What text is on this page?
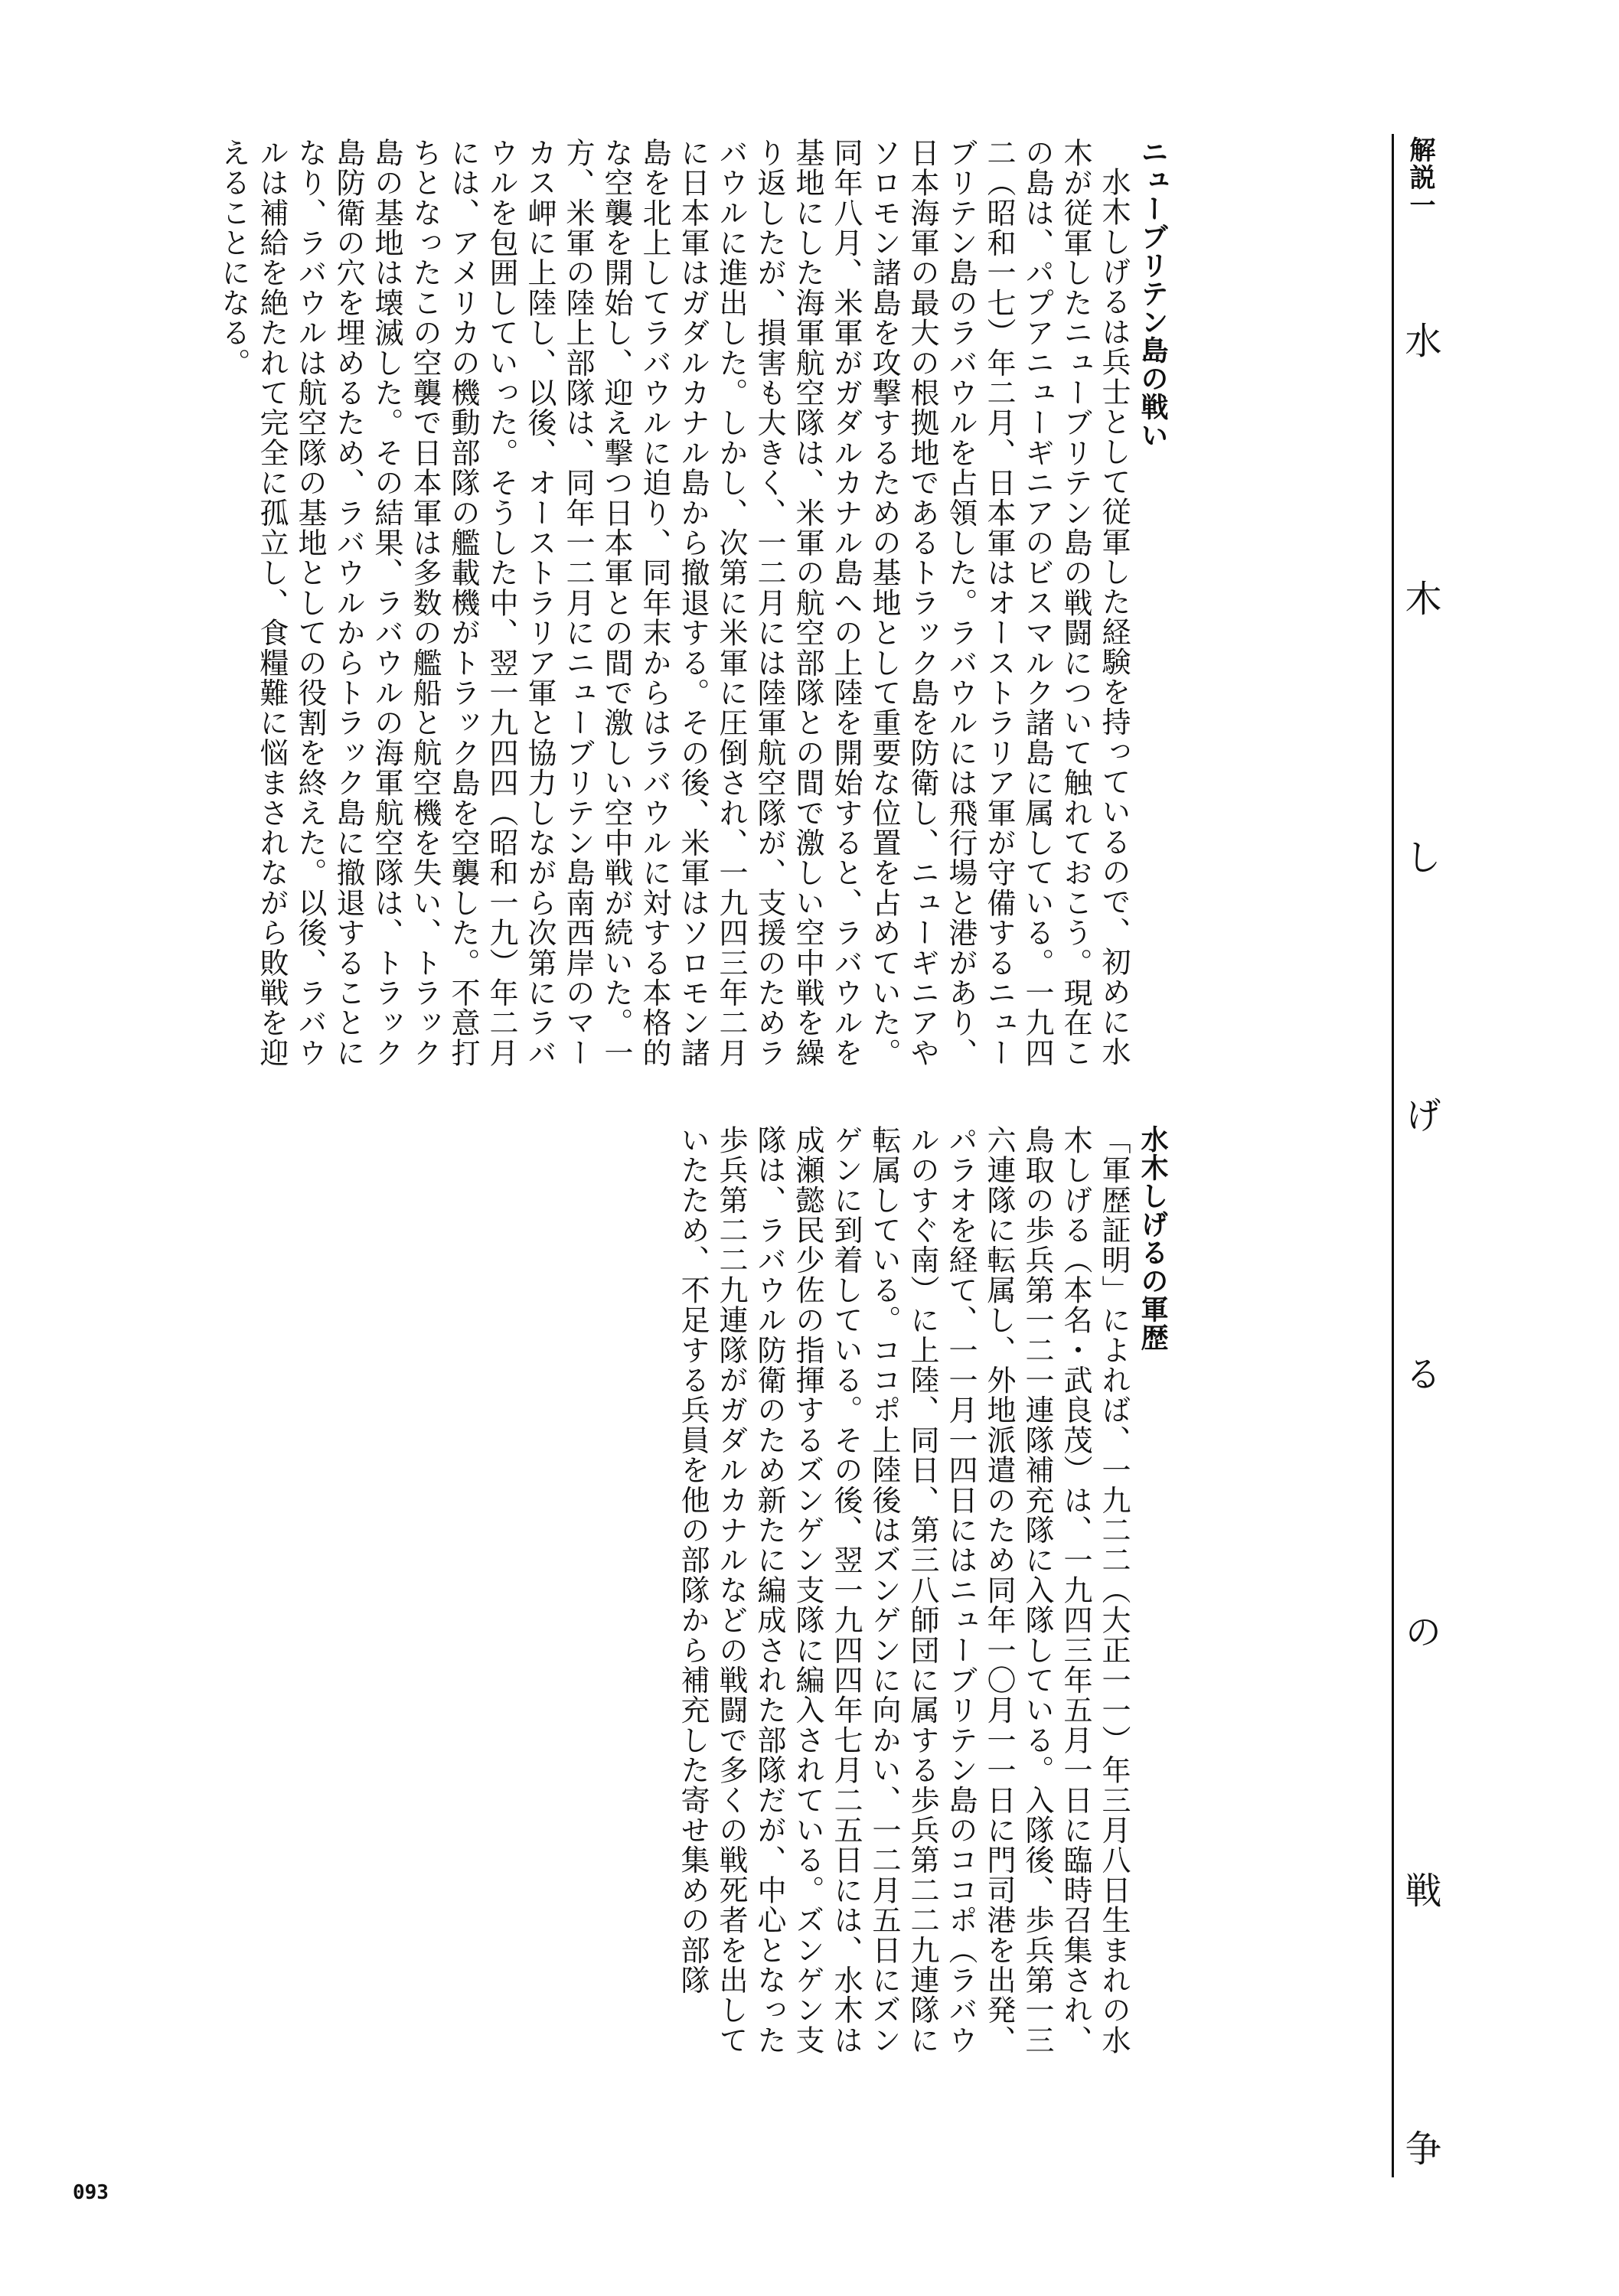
解説一
水
木
し
げ
る
の
戦
争

ニューブリテン島の戦い

水木しげるは兵士として従軍した経験を持っているので、初めに水木が従軍したニューブリテン島の戦闘について触れておこう。現在この島は、パプアニューギニアのビスマルク諸島に属している。一九四二（昭和一七）年二月、日本軍はオーストラリア軍が守備するニューブリテン島のラバウルを占領した。ラバウルには飛行場と港があり、日本海軍の最大の根拠地であるトラック島を防衛し、ニューギニアやソロモン諸島を攻撃するための基地として重要な位置を占めていた。同年八月、米軍がガダルカナル島への上陸を開始すると、ラバウルを基地にした海軍航空隊は、米軍の航空部隊との間で激しい空中戦を繰り返したが、損害も大きく、一二月には陸軍航空隊が、支援のためラバウルに進出した。しかし、次第に米軍に圧倒され、一九四三年二月に日本軍はガダルカナル島から撤退する。その後、米軍はソロモン諸島を北上してラバウルに迫り、同年末からはラバウルに対する本格的な空襲を開始し、迎え撃つ日本軍との間で激しい空中戦が続いた。一方、米軍の陸上部隊は、同年一二月にニューブリテン島南西岸のマーカス岬に上陸し、以後、オーストラリア軍と協力しながら次第にラバウルを包囲していった。そうした中、翌一九四四（昭和一九）年二月には、アメリカの機動部隊の艦載機がトラック島を空襲した。不意打ちとなったこの空襲で日本軍は多数の艦船と航空機を失い、トラック島の基地は壊滅した。その結果、ラバウルの海軍航空隊は、トラック島防衛の穴を埋めるため、ラバウルからトラック島に撤退することになり、ラバウルは航空隊の基地としての役割を終えた。以後、ラバウルは補給を絶たれて完全に孤立し、食糧難に悩まされながら敗戦を迎えることになる。

水木しげるの軍歴

「軍歴証明」によれば、一九二二（大正一一）年三月八日生まれの水木しげる（本名・武良茂）は、一九四三年五月一日に臨時召集され、鳥取の歩兵第一二一連隊補充隊に入隊している。入隊後、歩兵第一三六連隊に転属し、外地派遣のため同年一〇月一一日に門司港を出発、パラオを経て、一一月一四日にはニューブリテン島のココポ（ラバウルのすぐ南）に上陸、同日、第三八師団に属する歩兵第二二九連隊に転属している。ココポ上陸後はズンゲンに向かい、一二月五日にズンゲンに到着している。その後、翌一九四四年七月二五日には、水木は成瀬懿民少佐の指揮するズンゲン支隊に編入されている。ズンゲン支隊は、ラバウル防衛のため新たに編成された部隊だが、中心となった歩兵第二二九連隊がガダルカナルなどの戦闘で多くの戦死者を出していたため、不足する兵員を他の部隊から補充した寄せ集めの部隊

093
